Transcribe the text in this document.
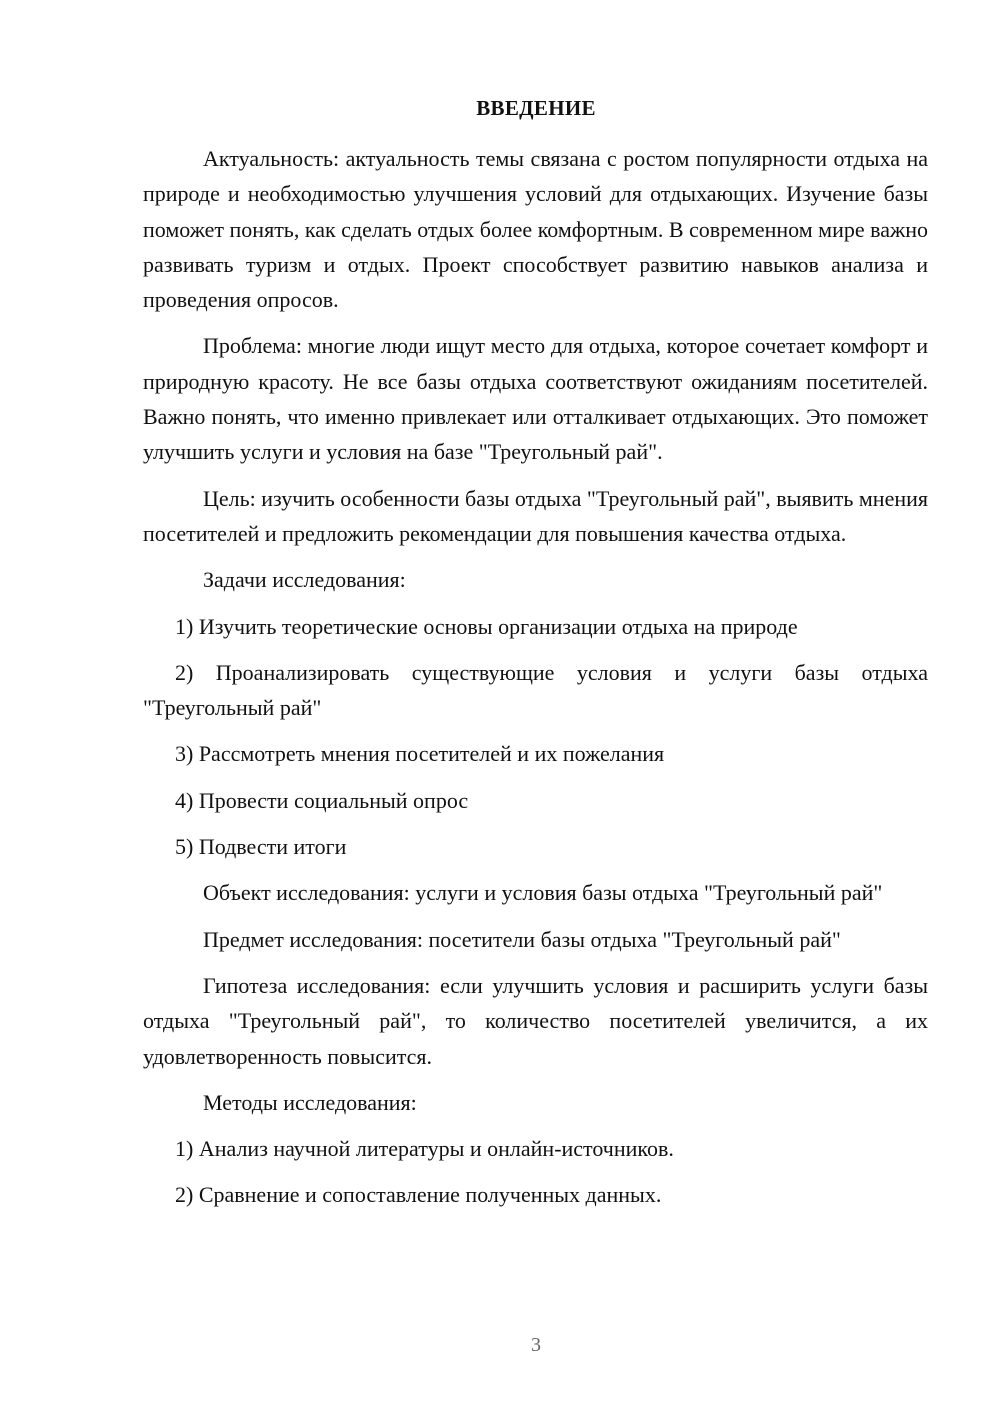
ВВЕДЕНИЕ

Актуальность: актуальность темы связана с ростом популярности отдыха на природе и необходимостью улучшения условий для отдыхающих. Изучение базы поможет понять, как сделать отдых более комфортным. В современном мире важно развивать туризм и отдых. Проект способствует развитию навыков анализа и проведения опросов.

Проблема: многие люди ищут место для отдыха, которое сочетает комфорт и природную красоту. Не все базы отдыха соответствуют ожиданиям посетителей. Важно понять, что именно привлекает или отталкивает отдыхающих. Это поможет улучшить услуги и условия на базе "Треугольный рай".

Цель: изучить особенности базы отдыха "Треугольный рай", выявить мнения посетителей и предложить рекомендации для повышения качества отдыха.

Задачи исследования:

1) Изучить теоретические основы организации отдыха на природе

2) Проанализировать существующие условия и услуги базы отдыха "Треугольный рай"

3) Рассмотреть мнения посетителей и их пожелания

4) Провести социальный опрос

5) Подвести итоги

Объект исследования: услуги и условия базы отдыха "Треугольный рай"

Предмет исследования: посетители базы отдыха "Треугольный рай"

Гипотеза исследования: если улучшить условия и расширить услуги базы отдыха "Треугольный рай", то количество посетителей увеличится, а их удовлетворенность повысится.

Методы исследования:

1) Анализ научной литературы и онлайн-источников.

2) Сравнение и сопоставление полученных данных.

3
